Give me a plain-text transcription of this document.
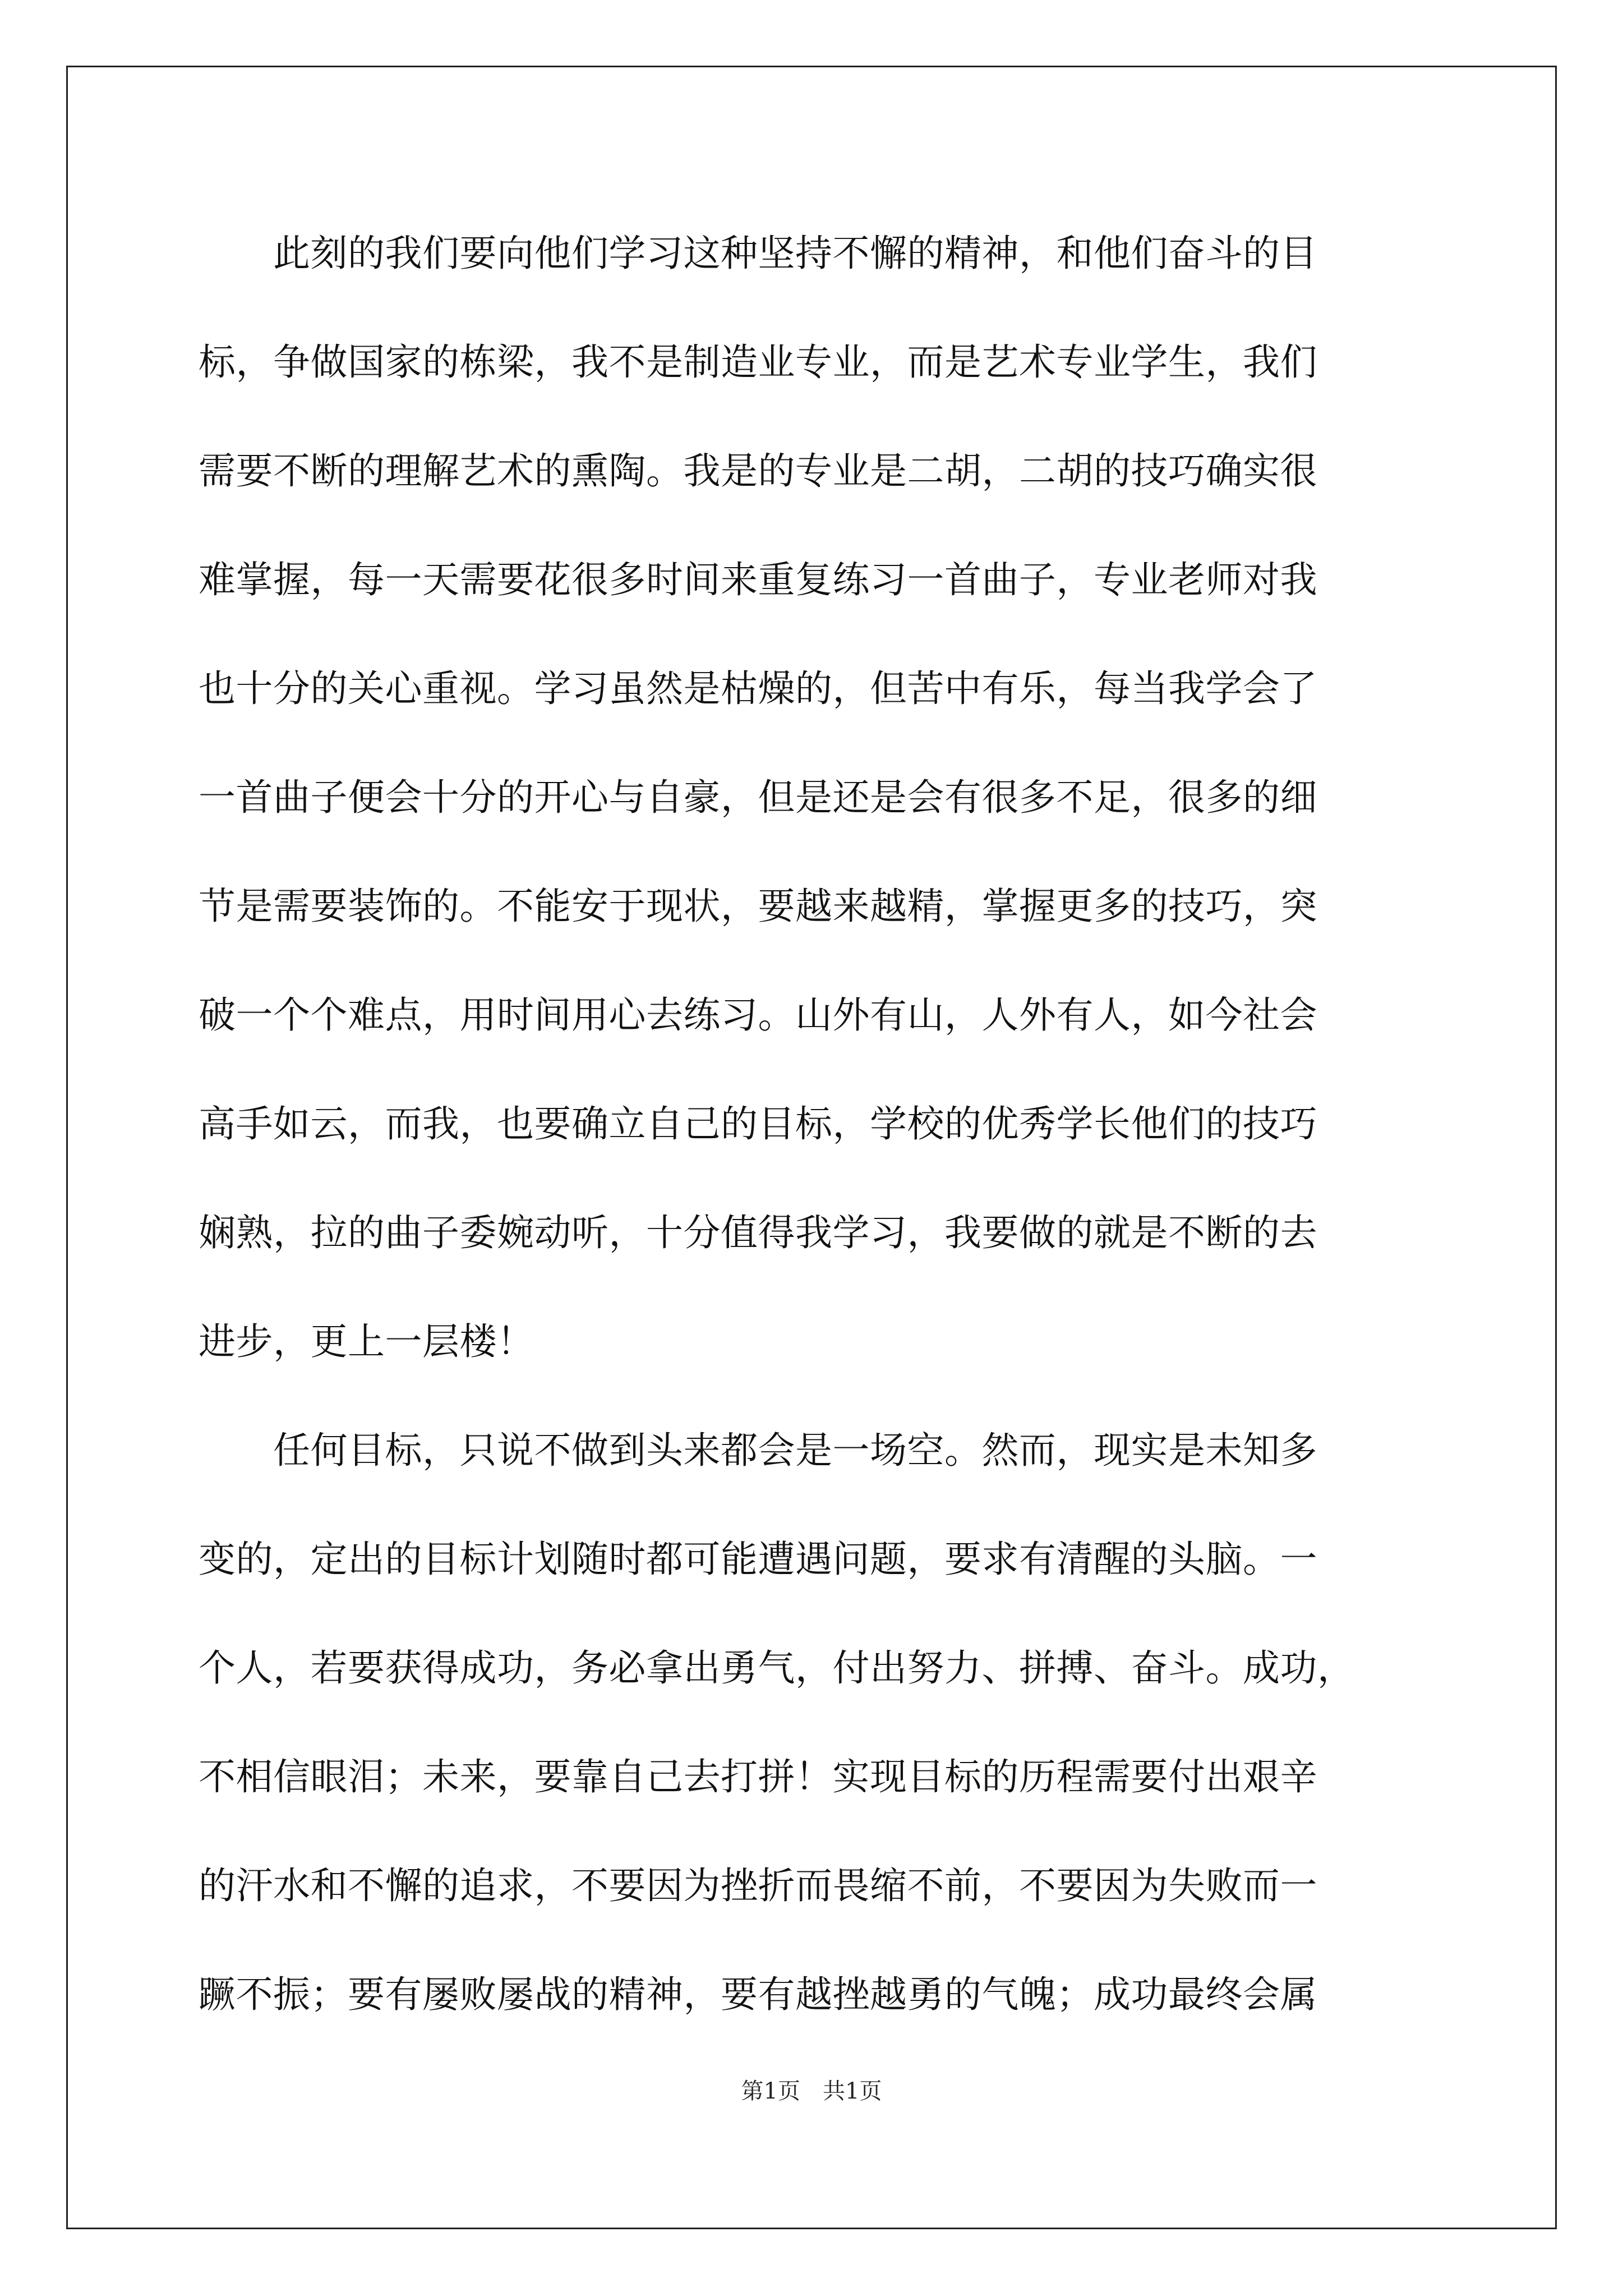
　　此刻的我们要向他们学习这种坚持不懈的精神，和他们奋斗的目
标，争做国家的栋梁，我不是制造业专业，而是艺术专业学生，我们
需要不断的理解艺术的熏陶。我是的专业是二胡，二胡的技巧确实很
难掌握，每一天需要花很多时间来重复练习一首曲子，专业老师对我
也十分的关心重视。学习虽然是枯燥的，但苦中有乐，每当我学会了
一首曲子便会十分的开心与自豪，但是还是会有很多不足，很多的细
节是需要装饰的。不能安于现状，要越来越精，掌握更多的技巧，突
破一个个难点，用时间用心去练习。山外有山，人外有人，如今社会
高手如云，而我，也要确立自己的目标，学校的优秀学长他们的技巧
娴熟，拉的曲子委婉动听，十分值得我学习，我要做的就是不断的去
进步，更上一层楼！
　　任何目标，只说不做到头来都会是一场空。然而，现实是未知多
变的，定出的目标计划随时都可能遭遇问题，要求有清醒的头脑。一
个人，若要获得成功，务必拿出勇气，付出努力、拼搏、奋斗。成功，
不相信眼泪；未来，要靠自己去打拼！实现目标的历程需要付出艰辛
的汗水和不懈的追求，不要因为挫折而畏缩不前，不要因为失败而一
蹶不振；要有屡败屡战的精神，要有越挫越勇的气魄；成功最终会属
第1页　共1页
